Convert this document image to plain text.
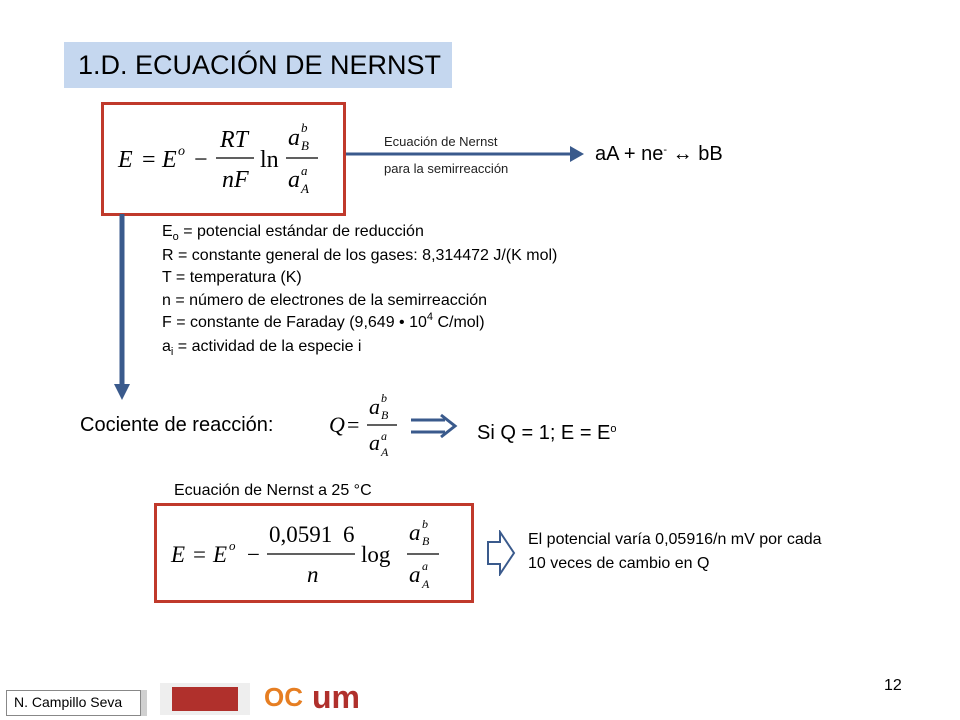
1.D. ECUACIÓN DE NERNST
E = E o −
RT
nF
ln
a b
B
a a
A
Ecuación de Nernst
para la semirreacción
aA + ne- ↔ bB
$E_o$ = potencial estándar de reducción
R = constante general de los gases: 8,314472 J/(K mol)
T = temperatura (K)
n = número de electrones de la semirreacción
F = constante de Faraday (9,649 • $10^4$ C/mol)
$a_i$ = actividad de la especie i
Cociente de reacción:	Q =
a b
B
a a
A
Si Q = 1; $E = E^o$
Ecuación de Nernst a 25 °C
E = E o −
0,0591 6
n
log
a b
B
a a
A
El potencial varía 0,05916/n mV por cada
10 veces de cambio en Q
N. Campillo Seva	OC um	12
